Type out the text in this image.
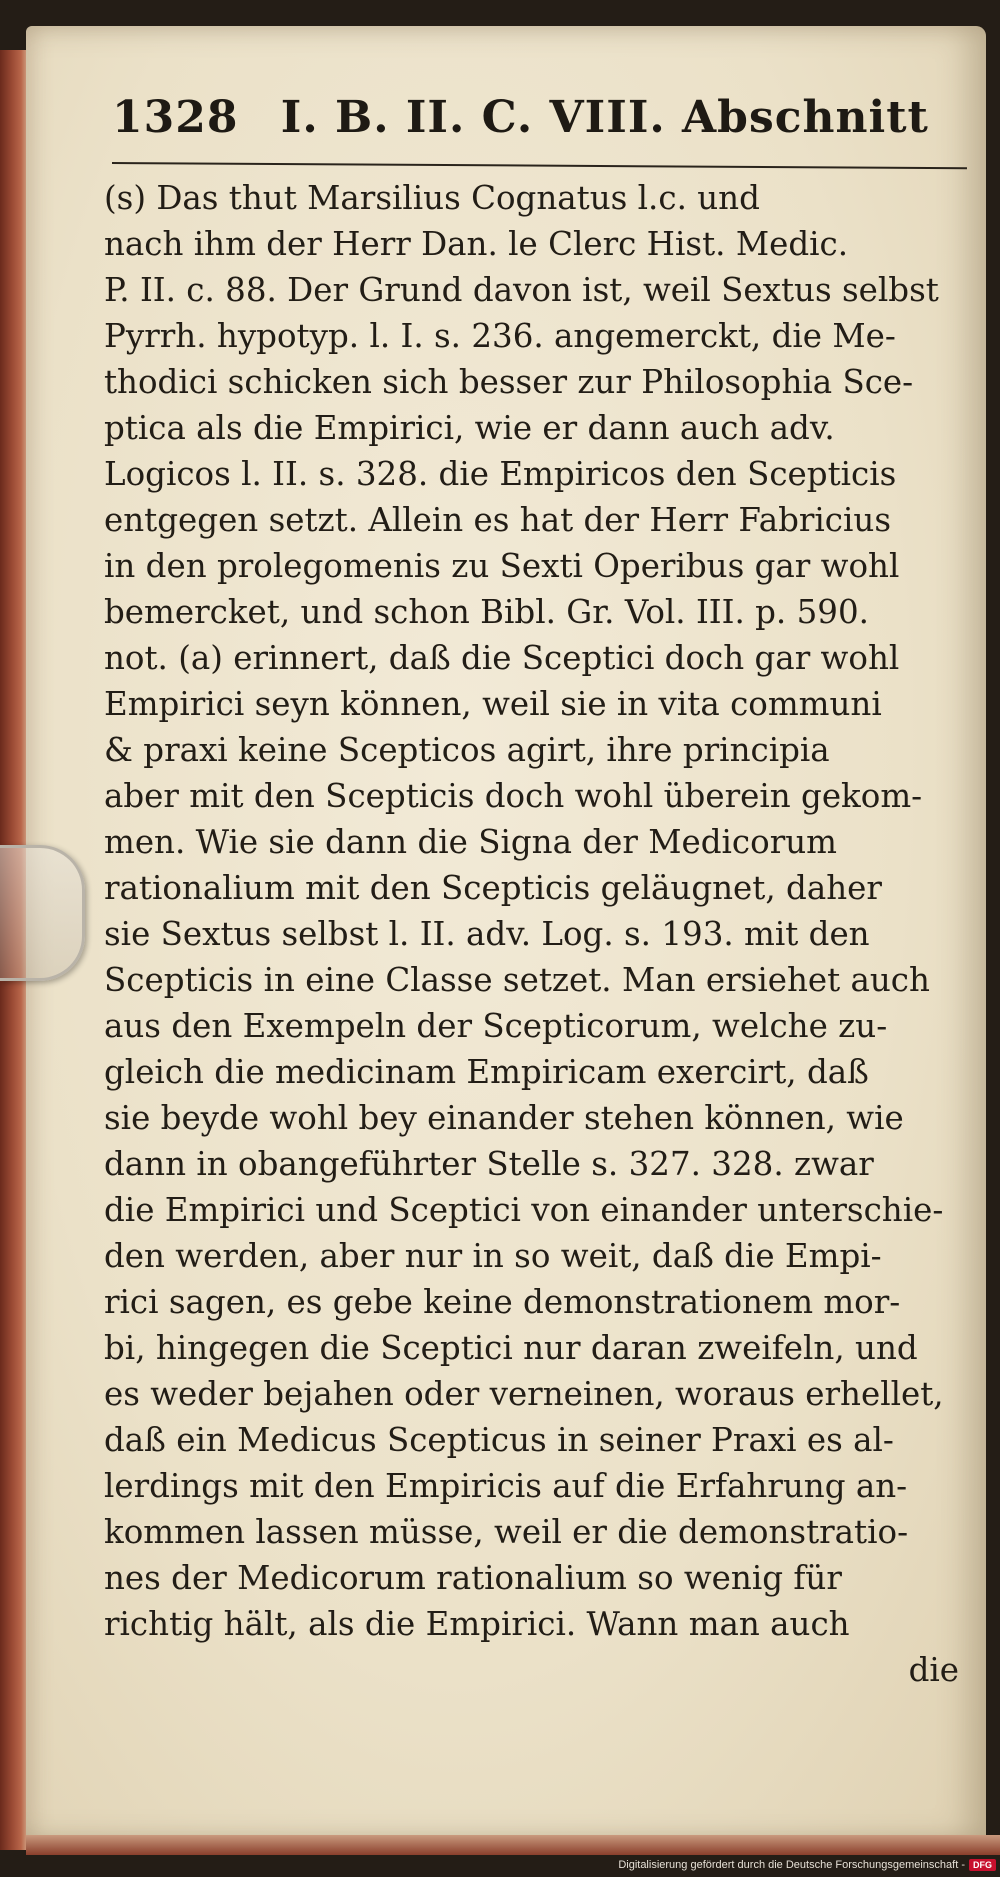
1328 I. B. II. C. VIII. Abschnitt
(s) Das thut Marsilius Cognatus l.c. und
nach ihm der Herr Dan. le Clerc Hist. Medic.
P. II. c. 88. Der Grund davon ist, weil Sextus selbst
Pyrrh. hypotyp. l. I. s. 236. angemerckt, die Me-
thodici schicken sich besser zur Philosophia Sce-
ptica als die Empirici, wie er dann auch adv.
Logicos l. II. s. 328. die Empiricos den Scepticis
entgegen setzt. Allein es hat der Herr Fabricius
in den prolegomenis zu Sexti Operibus gar wohl
bemercket, und schon Bibl. Gr. Vol. III. p. 590.
not. (a) erinnert, daß die Sceptici doch gar wohl
Empirici seyn können, weil sie in vita communi
& praxi keine Scepticos agirt, ihre principia
aber mit den Scepticis doch wohl überein gekom-
men. Wie sie dann die Signa der Medicorum
rationalium mit den Scepticis geläugnet, daher
sie Sextus selbst l. II. adv. Log. s. 193. mit den
Scepticis in eine Classe setzet. Man ersiehet auch
aus den Exempeln der Scepticorum, welche zu-
gleich die medicinam Empiricam exercirt, daß
sie beyde wohl bey einander stehen können, wie
dann in obangeführter Stelle s. 327. 328. zwar
die Empirici und Sceptici von einander unterschie-
den werden, aber nur in so weit, daß die Empi-
rici sagen, es gebe keine demonstrationem mor-
bi, hingegen die Sceptici nur daran zweifeln, und
es weder bejahen oder verneinen, woraus erhellet,
daß ein Medicus Scepticus in seiner Praxi es al-
lerdings mit den Empiricis auf die Erfahrung an-
kommen lassen müsse, weil er die demonstratio-
nes der Medicorum rationalium so wenig für
richtig hält, als die Empirici. Wann man auch
die
Digitalisierung gefördert durch die Deutsche Forschungsgemeinschaft - DFG
